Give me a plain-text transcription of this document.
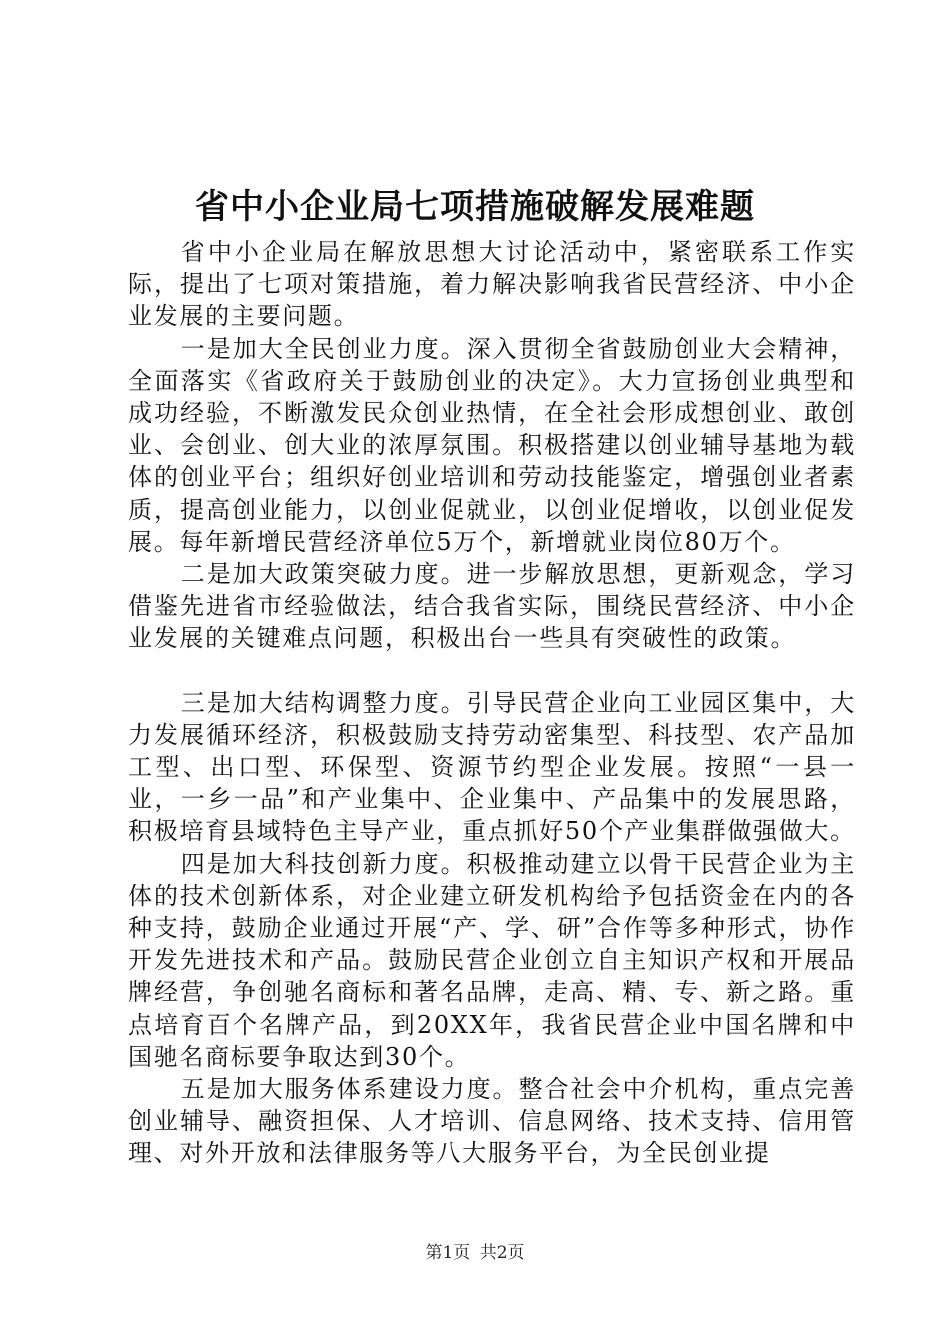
省中小企业局七项措施破解发展难题

省中小企业局在解放思想大讨论活动中，紧密联系工作实际，提出了七项对策措施，着力解决影响我省民营经济、中小企业发展的主要问题。

一是加大全民创业力度。深入贯彻全省鼓励创业大会精神，全面落实《省政府关于鼓励创业的决定》。大力宣扬创业典型和成功经验，不断激发民众创业热情，在全社会形成想创业、敢创业、会创业、创大业的浓厚氛围。积极搭建以创业辅导基地为载体的创业平台；组织好创业培训和劳动技能鉴定，增强创业者素质，提高创业能力，以创业促就业，以创业促增收，以创业促发展。每年新增民营经济单位5万个，新增就业岗位80万个。

二是加大政策突破力度。进一步解放思想，更新观念，学习借鉴先进省市经验做法，结合我省实际，围绕民营经济、中小企业发展的关键难点问题，积极出台一些具有突破性的政策。

三是加大结构调整力度。引导民营企业向工业园区集中，大力发展循环经济，积极鼓励支持劳动密集型、科技型、农产品加工型、出口型、环保型、资源节约型企业发展。按照“一县一业，一乡一品”和产业集中、企业集中、产品集中的发展思路，积极培育县域特色主导产业，重点抓好50个产业集群做强做大。

四是加大科技创新力度。积极推动建立以骨干民营企业为主体的技术创新体系，对企业建立研发机构给予包括资金在内的各种支持，鼓励企业通过开展“产、学、研”合作等多种形式，协作开发先进技术和产品。鼓励民营企业创立自主知识产权和开展品牌经营，争创驰名商标和著名品牌，走高、精、专、新之路。重点培育百个名牌产品，到20XX年，我省民营企业中国名牌和中国驰名商标要争取达到30个。

五是加大服务体系建设力度。整合社会中介机构，重点完善创业辅导、融资担保、人才培训、信息网络、技术支持、信用管理、对外开放和法律服务等八大服务平台，为全民创业提

第1页 共2页
